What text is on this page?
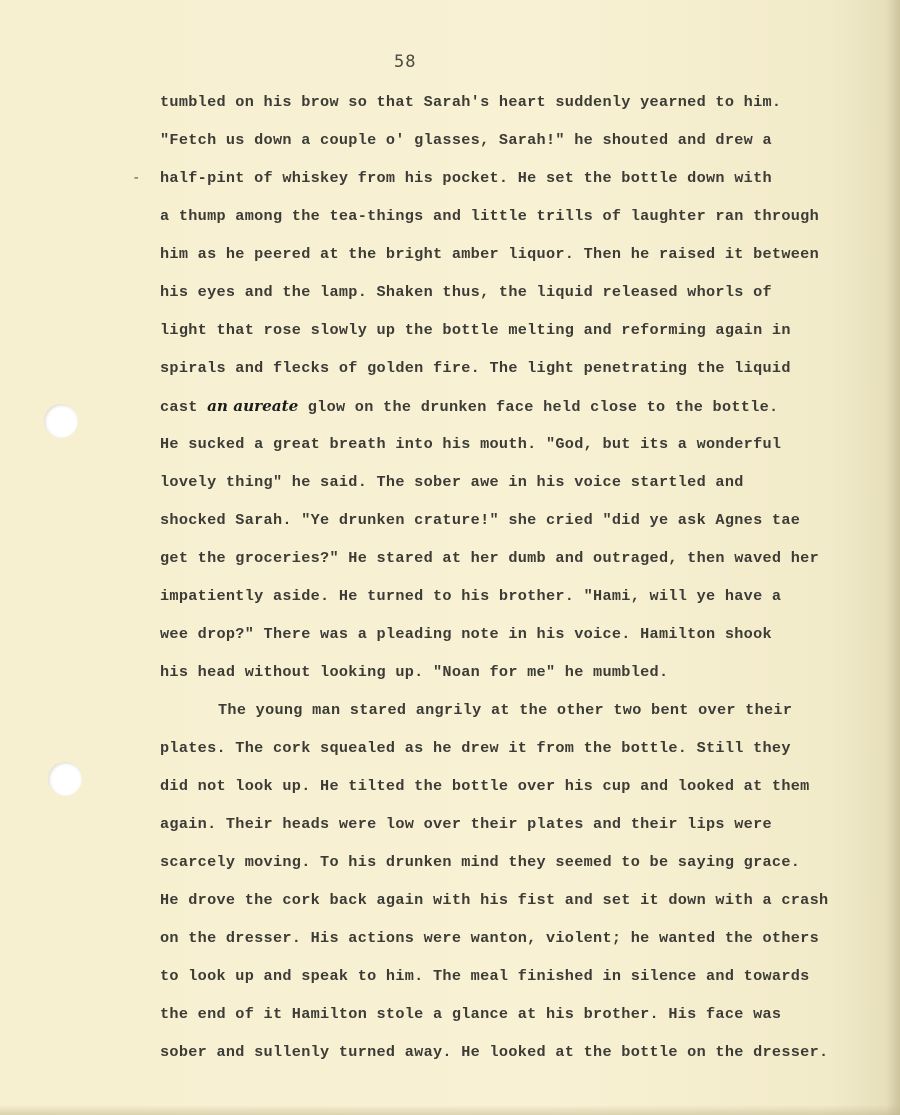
58
-
tumbled on his brow so that Sarah's heart suddenly yearned to him.
"Fetch us down a couple o' glasses, Sarah!" he shouted and drew a
half-pint of whiskey from his pocket. He set the bottle down with
a thump among the tea-things and little trills of laughter ran through
him as he peered at the bright amber liquor. Then he raised it between
his eyes and the lamp. Shaken thus, the liquid released whorls of
light that rose slowly up the bottle melting and reforming again in
spirals and flecks of golden fire. The light penetrating the liquid
cast an aureate glow on the drunken face held close to the bottle.
He sucked a great breath into his mouth. "God, but its a wonderful
lovely thing" he said. The sober awe in his voice startled and
shocked Sarah. "Ye drunken crature!" she cried "did ye ask Agnes tae
get the groceries?" He stared at her dumb and outraged, then waved her
impatiently aside. He turned to his brother. "Hami, will ye have a
wee drop?" There was a pleading note in his voice. Hamilton shook
his head without looking up. "Noan for me" he mumbled.
The young man stared angrily at the other two bent over their
plates. The cork squealed as he drew it from the bottle. Still they
did not look up. He tilted the bottle over his cup and looked at them
again. Their heads were low over their plates and their lips were
scarcely moving. To his drunken mind they seemed to be saying grace.
He drove the cork back again with his fist and set it down with a crash
on the dresser. His actions were wanton, violent; he wanted the others
to look up and speak to him. The meal finished in silence and towards
the end of it Hamilton stole a glance at his brother. His face was
sober and sullenly turned away. He looked at the bottle on the dresser.
